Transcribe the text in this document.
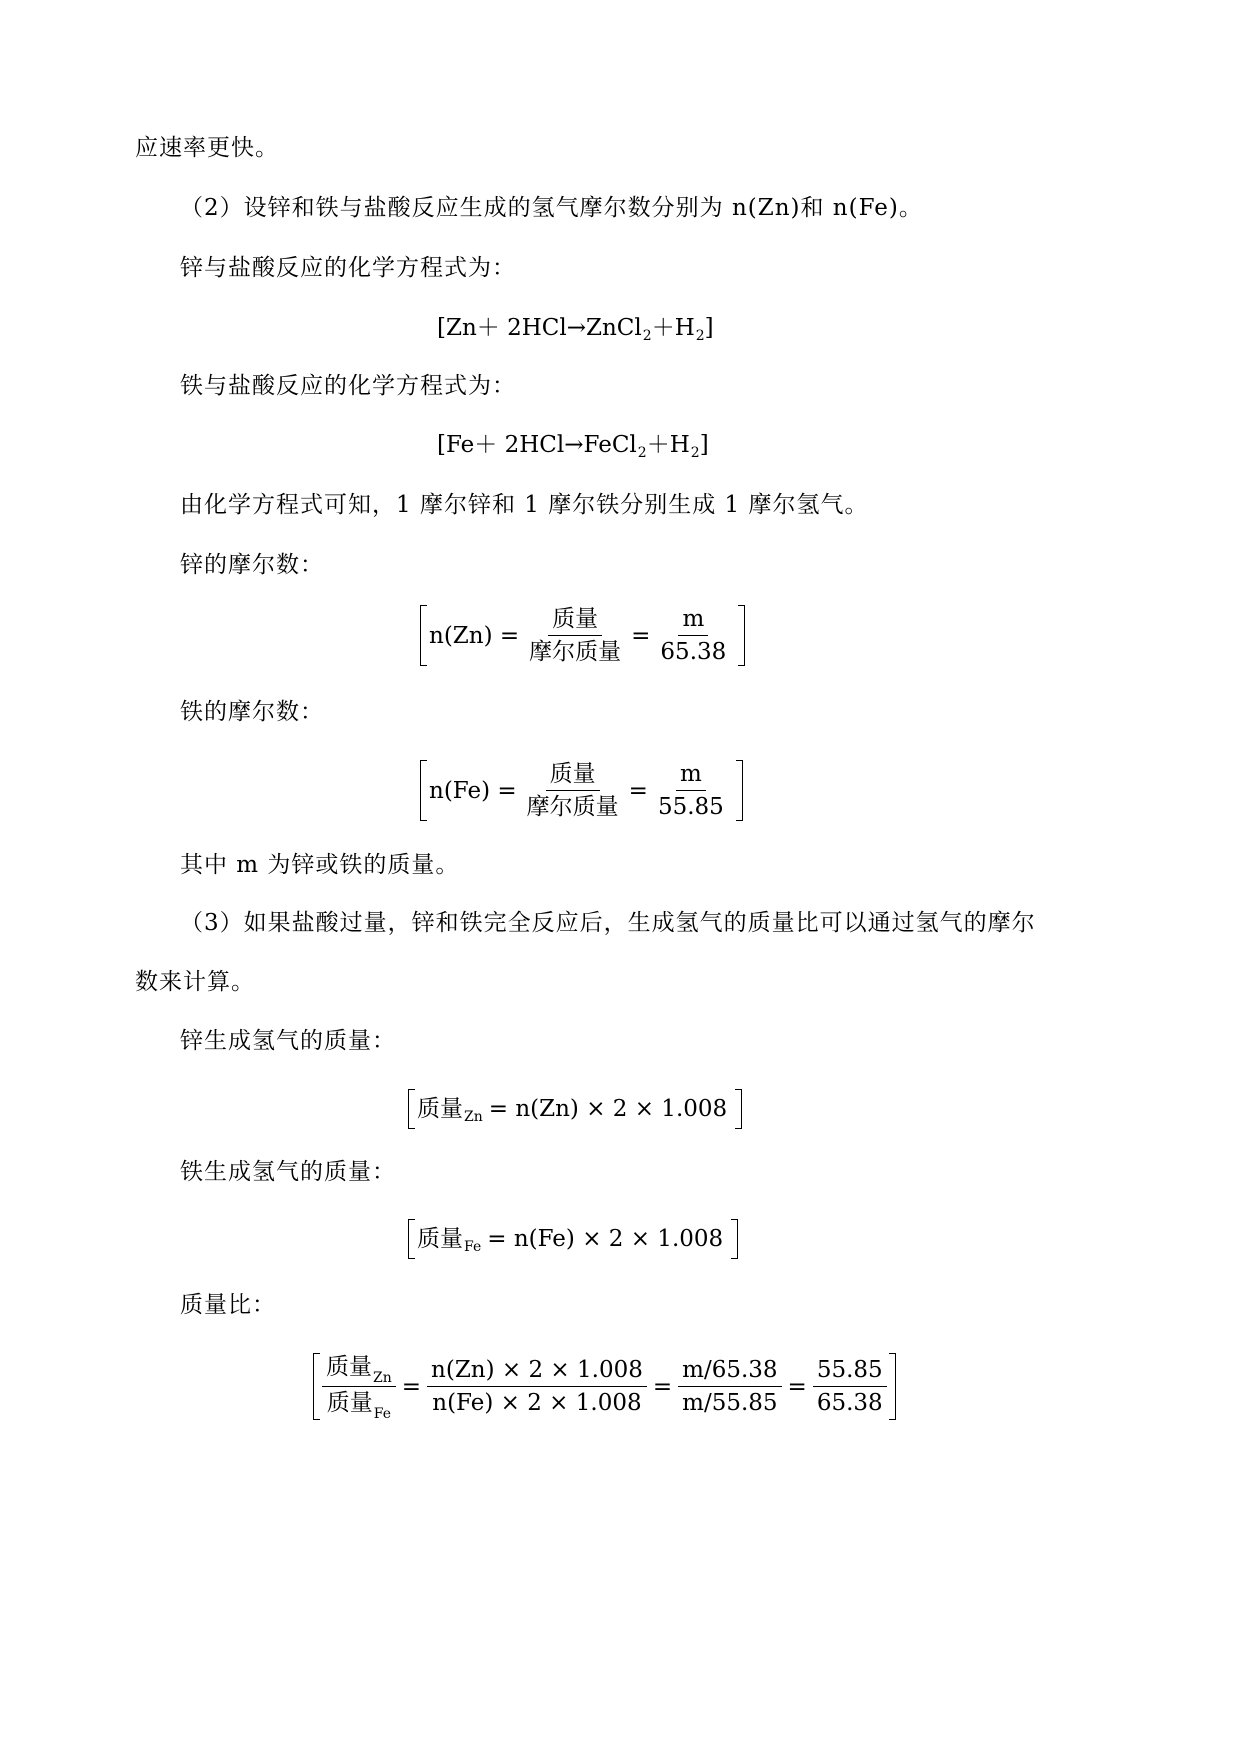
应速率更快。
（2）设锌和铁与盐酸反应生成的氢气摩尔数分别为 n(Zn)和 n(Fe)。
锌与盐酸反应的化学方程式为：
[ Zn＋ 2HCl→ZnCl 2 ＋H 2 ]
铁与盐酸反应的化学方程式为：
[ Fe＋ 2HCl→FeCl 2 ＋H 2 ]
由化学方程式可知，1 摩尔锌和 1 摩尔铁分别生成 1 摩尔氢气。
锌的摩尔数：
$n(Zn) = \frac{\text{质量}}{\text{摩尔质量}} = \frac{m}{65.38}$
铁的摩尔数：
$n(Fe) = \frac{\text{质量}}{\text{摩尔质量}} = \frac{m}{55.85}$
其中 m 为锌或铁的质量。
（3）如果盐酸过量，锌和铁完全反应后，生成氢气的质量比可以通过氢气的摩尔
数来计算。
锌生成氢气的质量：
质量 Zn = n(Zn) × 2 × 1.008
铁生成氢气的质量：
质量 Fe = n(Fe) × 2 × 1.008
质量比：
$\frac{质量_{Zn}}{质量_{Fe}} = \frac{n(Zn) \times 2 \times 1.008}{n(Fe) \times 2 \times 1.008} = \frac{m/65.38}{m/55.85} = \frac{55.85}{65.38}$
